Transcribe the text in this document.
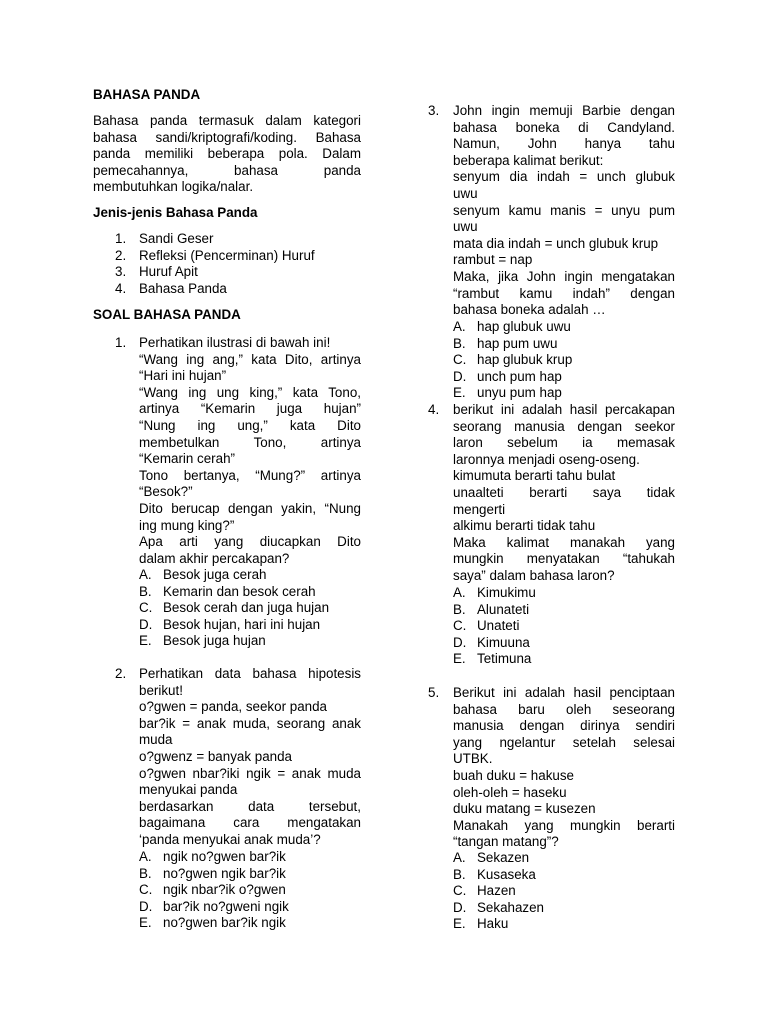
BAHASA PANDA
Bahasa panda termasuk dalam kategori
bahasa sandi/kriptografi/koding. Bahasa
panda memiliki beberapa pola. Dalam
pemecahannya, bahasa panda
membutuhkan logika/nalar.
Jenis-jenis Bahasa Panda
1. Sandi Geser
2. Refleksi (Pencerminan) Huruf
3. Huruf Apit
4. Bahasa Panda
SOAL BAHASA PANDA
1. Perhatikan ilustrasi di bawah ini!
“Wang ing ang,” kata Dito, artinya
“Hari ini hujan”
“Wang ing ung king,” kata Tono,
artinya “Kemarin juga hujan”
“Nung ing ung,” kata Dito
membetulkan Tono, artinya
“Kemarin cerah”
Tono bertanya, “Mung?” artinya
“Besok?”
Dito berucap dengan yakin, “Nung
ing mung king?”
Apa arti yang diucapkan Dito
dalam akhir percakapan?
A. Besok juga cerah
B. Kemarin dan besok cerah
C. Besok cerah dan juga hujan
D. Besok hujan, hari ini hujan
E. Besok juga hujan
2. Perhatikan data bahasa hipotesis
berikut!
o?gwen = panda, seekor panda
bar?ik = anak muda, seorang anak
muda
o?gwenz = banyak panda
o?gwen nbar?iki ngik = anak muda
menyukai panda
berdasarkan data tersebut,
bagaimana cara mengatakan
‘panda menyukai anak muda’?
A. ngik no?gwen bar?ik
B. no?gwen ngik bar?ik
C. ngik nbar?ik o?gwen
D. bar?ik no?gweni ngik
E. no?gwen bar?ik ngik
3.	John ingin memuji Barbie dengan
bahasa boneka di Candyland.
Namun, John hanya tahu
beberapa kalimat berikut:
senyum dia indah = unch glubuk
uwu
senyum kamu manis = unyu pum
uwu
mata dia indah = unch glubuk krup
rambut = nap
Maka, jika John ingin mengatakan
“rambut kamu indah” dengan
bahasa boneka adalah …
A. hap glubuk uwu
B. hap pum uwu
C. hap glubuk krup
D. unch pum hap
E. unyu pum hap
4.	berikut ini adalah hasil percakapan
seorang manusia dengan seekor
laron sebelum ia memasak
laronnya menjadi oseng-oseng.
kimumuta berarti tahu bulat
unaalteti berarti saya tidak
mengerti
alkimu berarti tidak tahu
Maka kalimat manakah yang
mungkin menyatakan “tahukah
saya” dalam bahasa laron?
A. Kimukimu
B. Alunateti
C. Unateti
D. Kimuuna
E. Tetimuna
5.	Berikut ini adalah hasil penciptaan
bahasa baru oleh seseorang
manusia dengan dirinya sendiri
yang ngelantur setelah selesai
UTBK.
buah duku = hakuse
oleh-oleh = haseku
duku matang = kusezen
Manakah yang mungkin berarti
“tangan matang”?
A. Sekazen
B. Kusaseka
C. Hazen
D. Sekahazen
E. Haku
